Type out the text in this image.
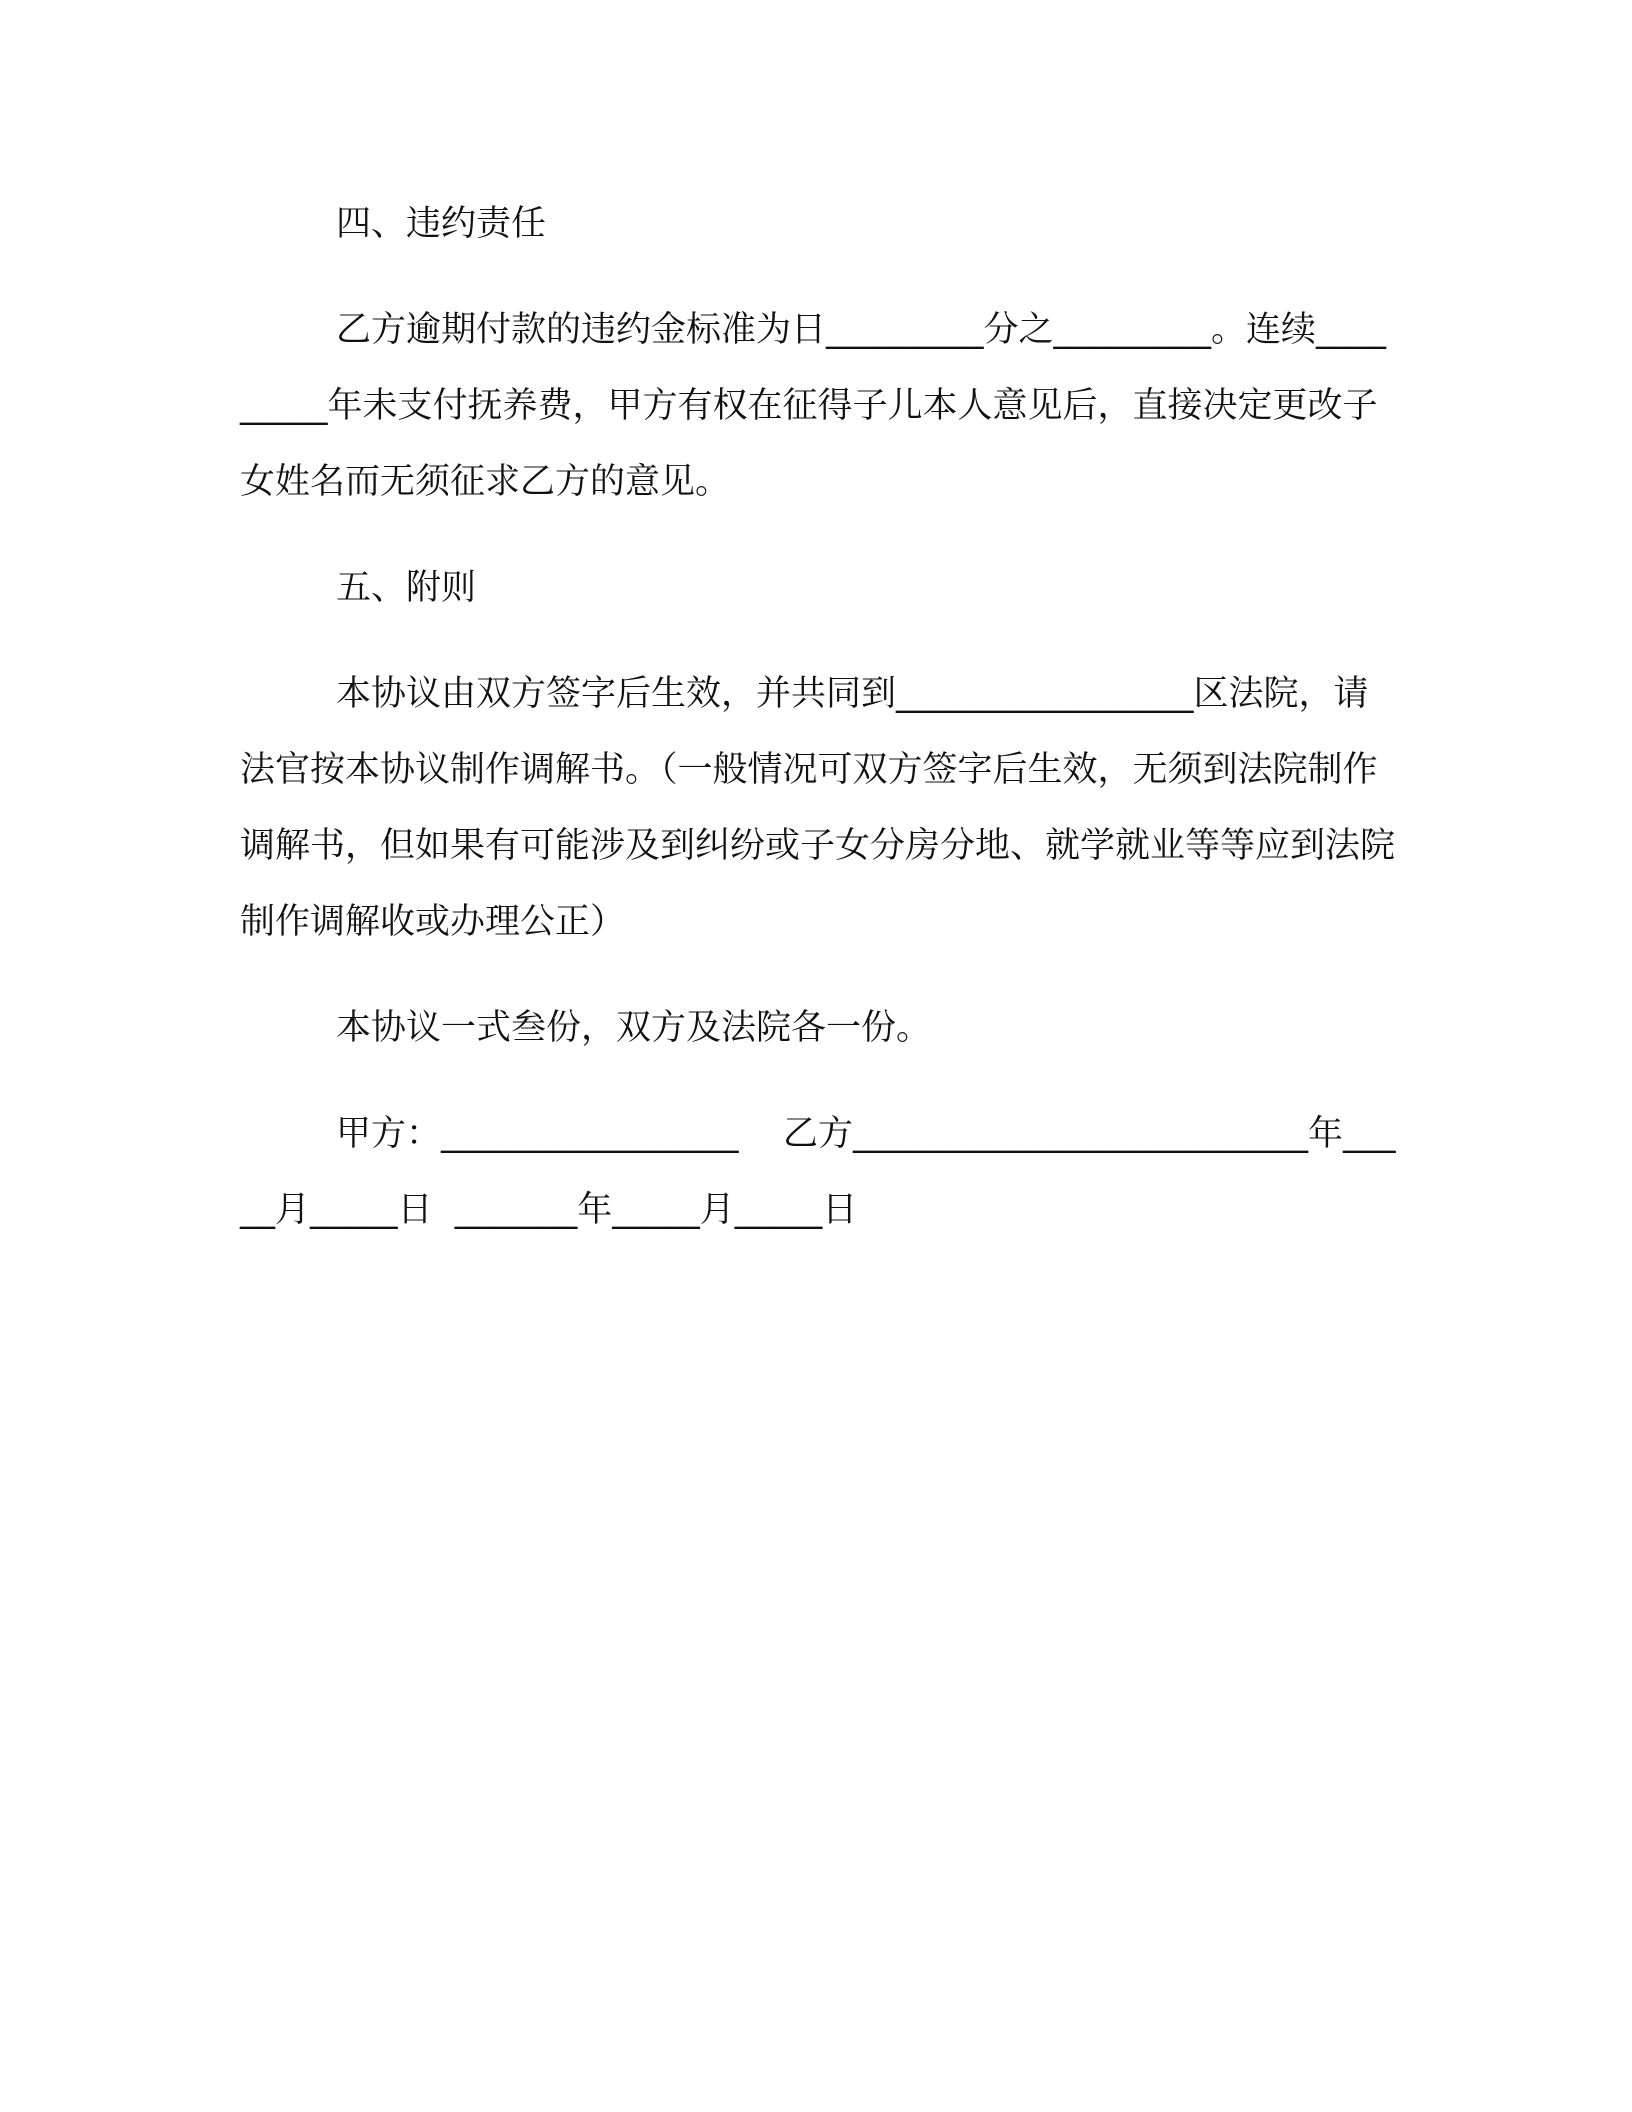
四、违约责任

乙方逾期付款的违约金标准为日_________分之_________。连续_________年未支付抚养费，甲方有权在征得子儿本人意见后，直接决定更改子女姓名而无须征求乙方的意见。

五、附则

本协议由双方签字后生效，并共同到_________________区法院，请法官按本协议制作调解书。（一般情况可双方签字后生效，无须到法院制作调解书，但如果有可能涉及到纠纷或子女分房分地、就学就业等等应到法院制作调解收或办理公正）

本协议一式叁份，双方及法院各一份。

甲方：_________________    乙方__________________________年_____月_____日  _______年_____月_____日
